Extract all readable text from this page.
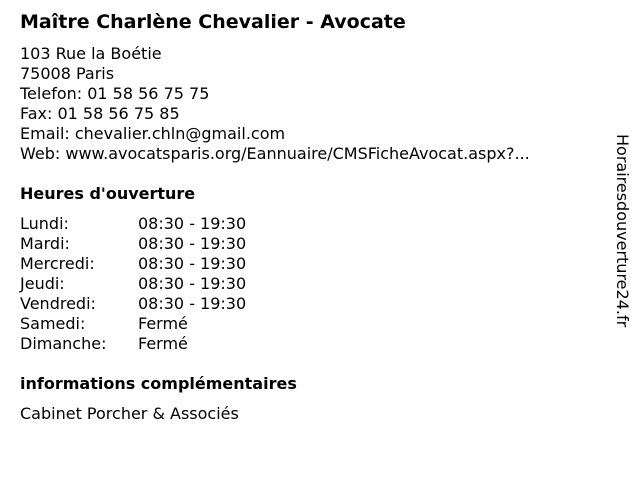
Maître Charlène Chevalier - Avocate
103 Rue la Boétie
75008 Paris
Telefon: 01 58 56 75 75
Fax: 01 58 56 75 85
Email: chevalier.chln@gmail.com
Web: www.avocatsparis.org/Eannuaire/CMSFicheAvocat.aspx?...
Heures d'ouverture
Lundi:	08:30 - 19:30
Mardi:	08:30 - 19:30
Mercredi:	08:30 - 19:30
Jeudi:	08:30 - 19:30
Vendredi:	08:30 - 19:30
Samedi:	Fermé
Dimanche: Fermé
informations complémentaires
Cabinet Porcher & Associés
Horairesdouverture24.fr
